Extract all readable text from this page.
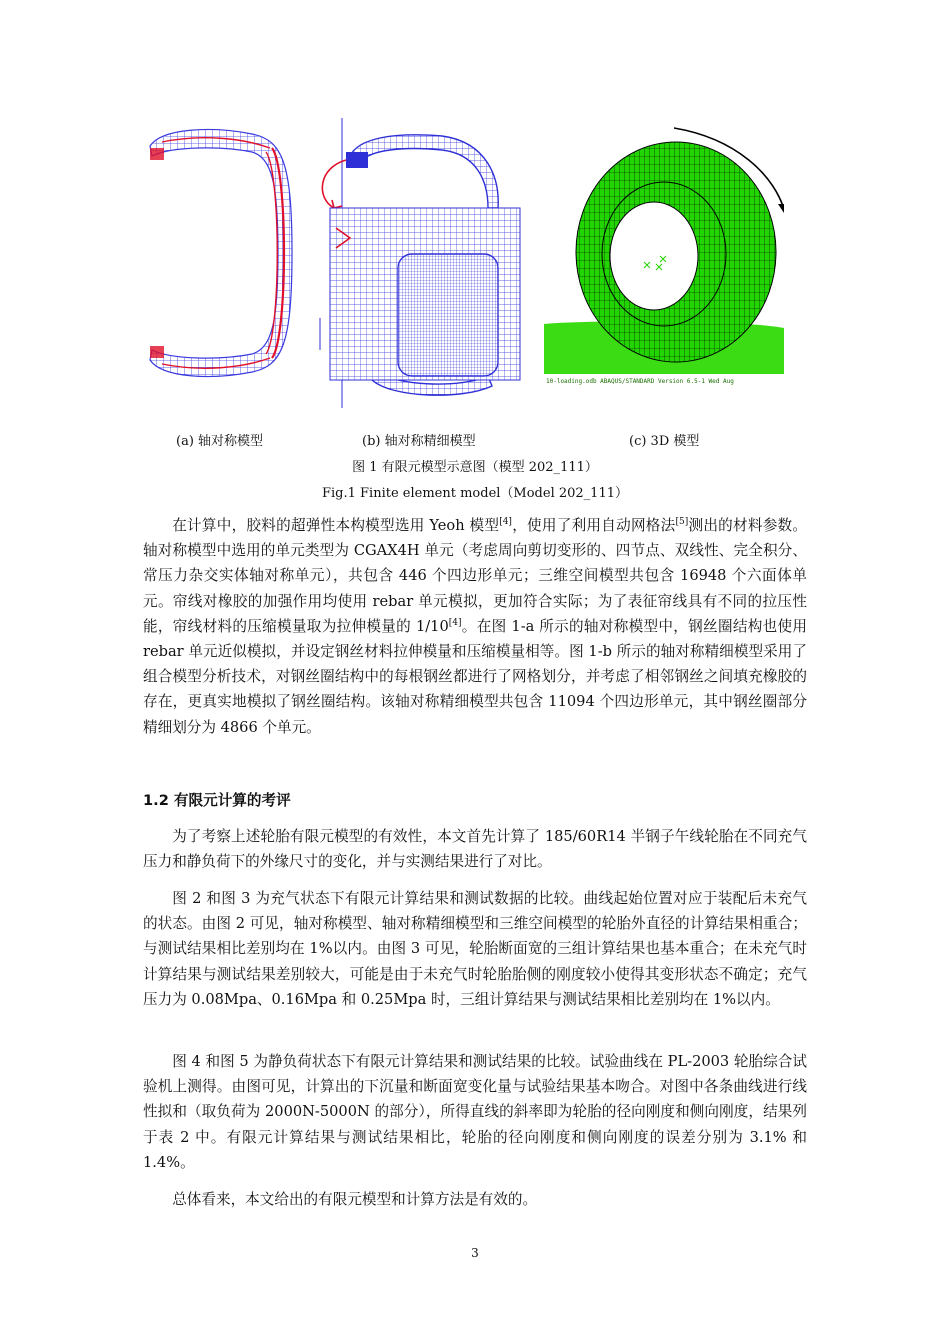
10-loading.odb ABAQUS/STANDARD Version 6.5-1 Wed Aug
(a) 轴对称模型	(b) 轴对称精细模型	(c) 3D 模型
图 1 有限元模型示意图（模型 202_111）
Fig.1 Finite element model（Model 202_111）

在计算中，胶料的超弹性本构模型选用 Yeoh 模型[4]，使用了利用自动网格法[5]测出的材料参数。轴对称模型中选用的单元类型为 CGAX4H 单元（考虑周向剪切变形的、四节点、双线性、完全积分、常压力杂交实体轴对称单元），共包含 446 个四边形单元；三维空间模型共包含 16948 个六面体单元。帘线对橡胶的加强作用均使用 rebar 单元模拟，更加符合实际；为了表征帘线具有不同的拉压性能，帘线材料的压缩模量取为拉伸模量的 1/10[4]。在图 1-a 所示的轴对称模型中，钢丝圈结构也使用 rebar 单元近似模拟，并设定钢丝材料拉伸模量和压缩模量相等。图 1-b 所示的轴对称精细模型采用了组合模型分析技术，对钢丝圈结构中的每根钢丝都进行了网格划分，并考虑了相邻钢丝之间填充橡胶的存在，更真实地模拟了钢丝圈结构。该轴对称精细模型共包含 11094 个四边形单元，其中钢丝圈部分精细划分为 4866 个单元。

1.2 有限元计算的考评

为了考察上述轮胎有限元模型的有效性，本文首先计算了 185/60R14 半钢子午线轮胎在不同充气压力和静负荷下的外缘尺寸的变化，并与实测结果进行了对比。

图 2 和图 3 为充气状态下有限元计算结果和测试数据的比较。曲线起始位置对应于装配后未充气的状态。由图 2 可见，轴对称模型、轴对称精细模型和三维空间模型的轮胎外直径的计算结果相重合；与测试结果相比差别均在 1%以内。由图 3 可见，轮胎断面宽的三组计算结果也基本重合；在未充气时计算结果与测试结果差别较大，可能是由于未充气时轮胎胎侧的刚度较小使得其变形状态不确定；充气压力为 0.08Mpa、0.16Mpa 和 0.25Mpa 时，三组计算结果与测试结果相比差别均在 1%以内。

图 4 和图 5 为静负荷状态下有限元计算结果和测试结果的比较。试验曲线在 PL-2003 轮胎综合试验机上测得。由图可见，计算出的下沉量和断面宽变化量与试验结果基本吻合。对图中各条曲线进行线性拟和（取负荷为 2000N-5000N 的部分），所得直线的斜率即为轮胎的径向刚度和侧向刚度，结果列于表 2 中。有限元计算结果与测试结果相比，轮胎的径向刚度和侧向刚度的误差分别为 3.1% 和 1.4%。

总体看来，本文给出的有限元模型和计算方法是有效的。

3
